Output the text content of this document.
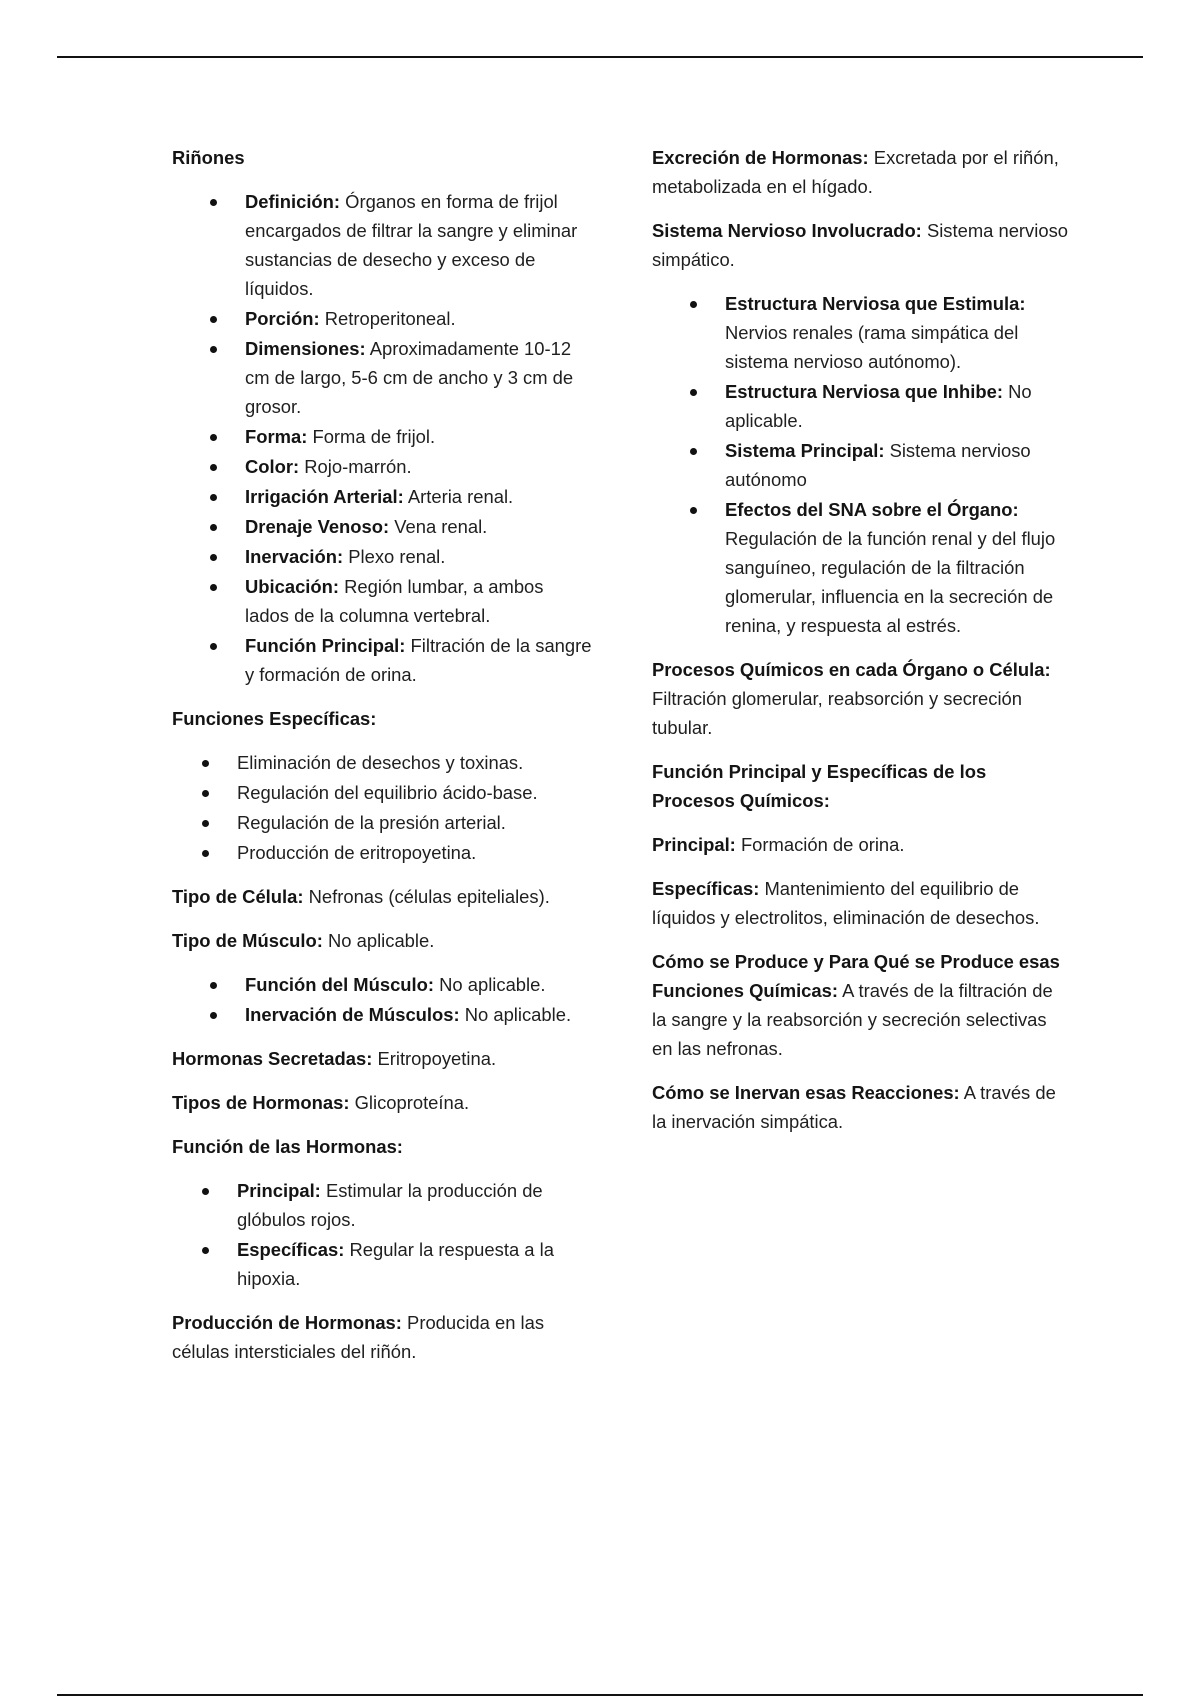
Riñones

Definición: Órganos en forma de frijol encargados de filtrar la sangre y eliminar sustancias de desecho y exceso de líquidos.
Porción: Retroperitoneal.
Dimensiones: Aproximadamente 10-12 cm de largo, 5-6 cm de ancho y 3 cm de grosor.
Forma: Forma de frijol.
Color: Rojo-marrón.
Irrigación Arterial: Arteria renal.
Drenaje Venoso: Vena renal.
Inervación: Plexo renal.
Ubicación: Región lumbar, a ambos lados de la columna vertebral.
Función Principal: Filtración de la sangre y formación de orina.

Funciones Específicas:

Eliminación de desechos y toxinas.
Regulación del equilibrio ácido-base.
Regulación de la presión arterial.
Producción de eritropoyetina.

Tipo de Célula: Nefronas (células epiteliales).

Tipo de Músculo: No aplicable.

Función del Músculo: No aplicable.
Inervación de Músculos: No aplicable.

Hormonas Secretadas: Eritropoyetina.

Tipos de Hormonas: Glicoproteína.

Función de las Hormonas:

Principal: Estimular la producción de glóbulos rojos.
Específicas: Regular la respuesta a la hipoxia.

Producción de Hormonas: Producida en las células intersticiales del riñón.

Excreción de Hormonas: Excretada por el riñón, metabolizada en el hígado.

Sistema Nervioso Involucrado: Sistema nervioso simpático.

Estructura Nerviosa que Estimula: Nervios renales (rama simpática del sistema nervioso autónomo).
Estructura Nerviosa que Inhibe: No aplicable.
Sistema Principal: Sistema nervioso autónomo
Efectos del SNA sobre el Órgano: Regulación de la función renal y del flujo sanguíneo, regulación de la filtración glomerular, influencia en la secreción de renina, y respuesta al estrés.

Procesos Químicos en cada Órgano o Célula: Filtración glomerular, reabsorción y secreción tubular.

Función Principal y Específicas de los Procesos Químicos:

Principal: Formación de orina.

Específicas: Mantenimiento del equilibrio de líquidos y electrolitos, eliminación de desechos.

Cómo se Produce y Para Qué se Produce esas Funciones Químicas: A través de la filtración de la sangre y la reabsorción y secreción selectivas en las nefronas.

Cómo se Inervan esas Reacciones: A través de la inervación simpática.
